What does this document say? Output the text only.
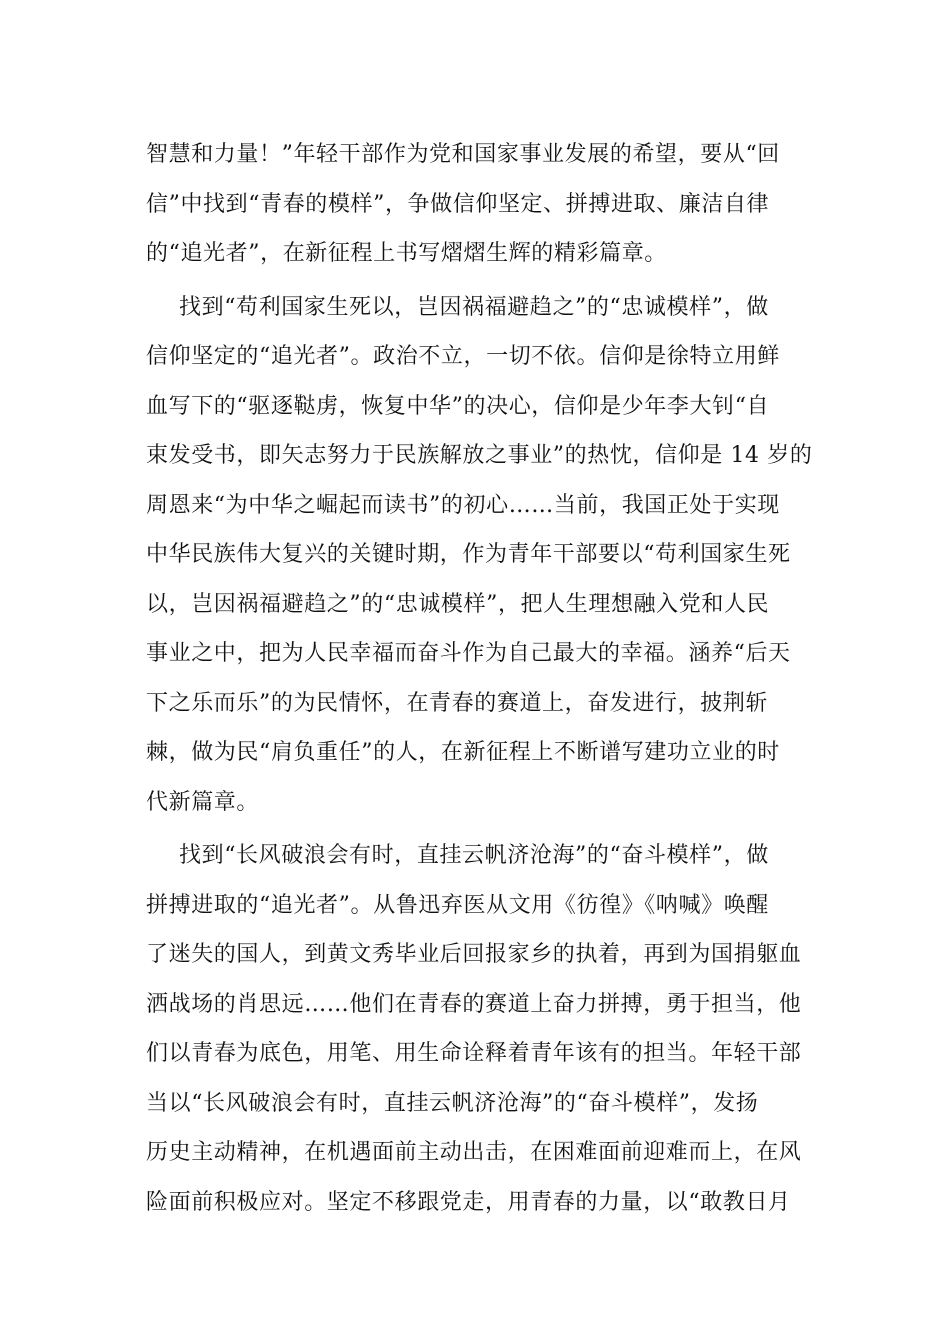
智慧和力量！”年轻干部作为党和国家事业发展的希望，要从“回
信”中找到“青春的模样”，争做信仰坚定、拼搏进取、廉洁自律
的“追光者”，在新征程上书写熠熠生辉的精彩篇章。
找到“苟利国家生死以，岂因祸福避趋之”的“忠诚模样”，做
信仰坚定的“追光者”。政治不立，一切不依。信仰是徐特立用鲜
血写下的“驱逐鞑虏，恢复中华”的决心，信仰是少年李大钊“自
束发受书，即矢志努力于民族解放之事业”的热忱，信仰是 14 岁的
周恩来“为中华之崛起而读书”的初心……当前，我国正处于实现
中华民族伟大复兴的关键时期，作为青年干部要以“苟利国家生死
以，岂因祸福避趋之”的“忠诚模样”，把人生理想融入党和人民
事业之中，把为人民幸福而奋斗作为自己最大的幸福。涵养“后天
下之乐而乐”的为民情怀，在青春的赛道上，奋发进行，披荆斩
棘，做为民“肩负重任”的人，在新征程上不断谱写建功立业的时
代新篇章。
找到“长风破浪会有时，直挂云帆济沧海”的“奋斗模样”，做
拼搏进取的“追光者”。从鲁迅弃医从文用《彷徨》《呐喊》唤醒
了迷失的国人，到黄文秀毕业后回报家乡的执着，再到为国捐躯血
洒战场的肖思远……他们在青春的赛道上奋力拼搏，勇于担当，他
们以青春为底色，用笔、用生命诠释着青年该有的担当。年轻干部
当以“长风破浪会有时，直挂云帆济沧海”的“奋斗模样”，发扬
历史主动精神，在机遇面前主动出击，在困难面前迎难而上，在风
险面前积极应对。坚定不移跟党走，用青春的力量，以“敢教日月
